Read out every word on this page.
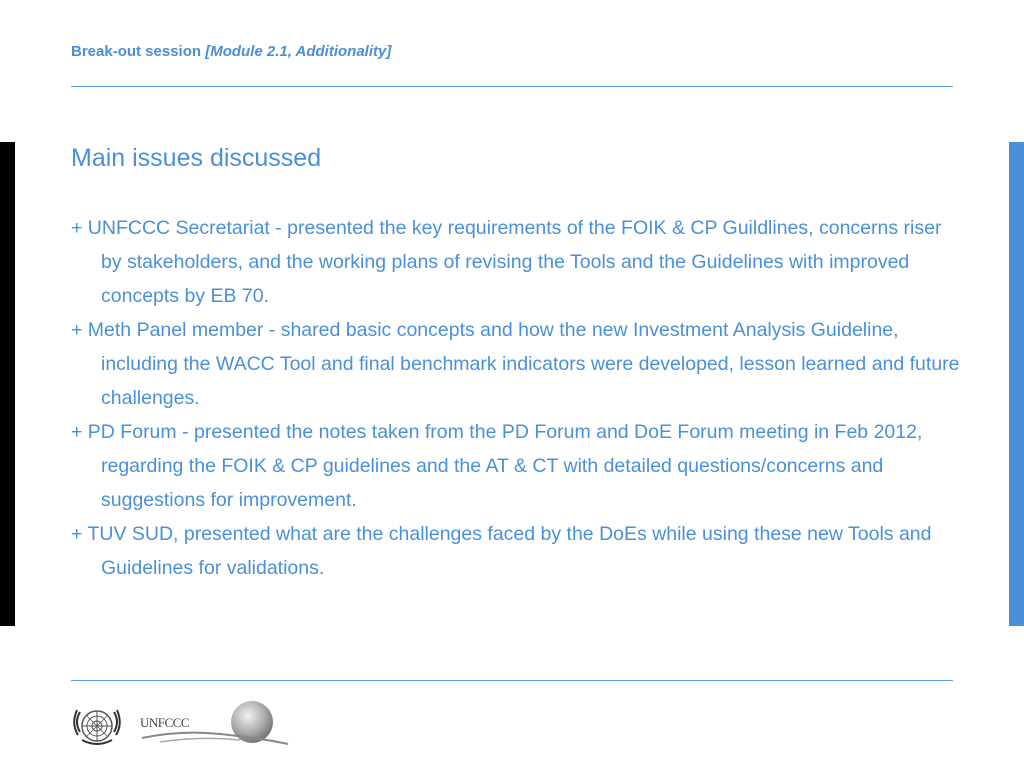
Break-out session [Module 2.1, Additionality]
Main issues discussed
+ UNFCCC Secretariat - presented the key requirements of the FOIK & CP Guildlines, concerns riser by stakeholders, and the working plans of revising the Tools and the Guidelines with improved concepts by EB 70.
+ Meth Panel member - shared basic concepts and how the new Investment Analysis Guideline, including the WACC Tool and final benchmark indicators were developed, lesson learned and future challenges.
+ PD Forum - presented the notes taken from the PD Forum and DoE Forum meeting in Feb 2012, regarding the FOIK & CP guidelines and the AT & CT with detailed questions/concerns and suggestions for improvement.
+ TUV SUD, presented what are the challenges faced by the DoEs while using these new Tools and Guidelines for validations.
UNFCCC
